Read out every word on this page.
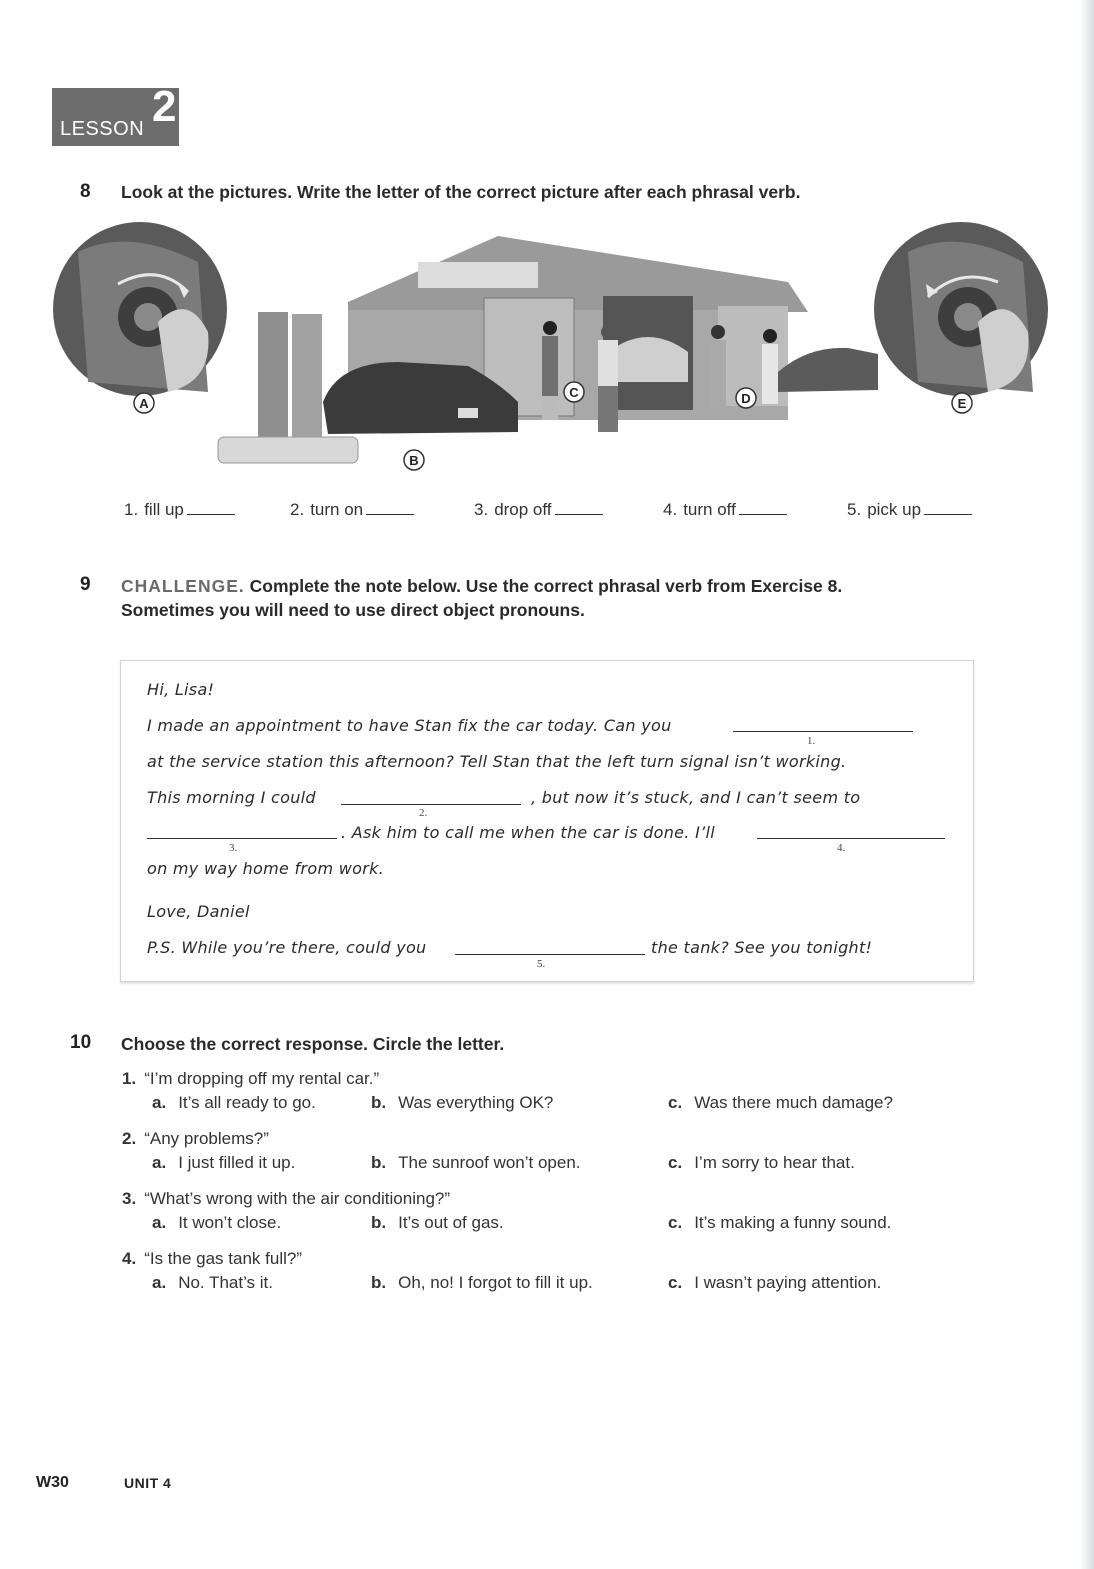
LESSON 2
8 Look at the pictures. Write the letter of the correct picture after each phrasal verb.
A
B
C	D	E
1. fill up	2. turn on	3. drop off	4. turn off	5. pick up
9 CHALLENGE. Complete the note below. Use the correct phrasal verb from Exercise 8.
Sometimes you will need to use direct object pronouns.
Hi, Lisa!
I made an appointment to have Stan fix the car today. Can you
1.
at the service station this afternoon? Tell Stan that the left turn signal isn’t working.
This morning I could
2.
, but now it’s stuck, and I can’t seem to
3.
. Ask him to call me when the car is done. I’ll
4.
on my way home from work.
Love, Daniel
P.S. While you’re there, could you
5.
the tank? See you tonight!
10 Choose the correct response. Circle the letter.
1. “I’m dropping off my rental car.”
a. It’s all ready to go.	b. Was everything OK?	c. Was there much damage?
2. “Any problems?”
a. I just filled it up.	b. The sunroof won’t open.	c. I’m sorry to hear that.
3. “What’s wrong with the air conditioning?”
a. It won’t close.	b. It’s out of gas.	c. It’s making a funny sound.
4. “Is the gas tank full?”
a. No. That’s it.	b. Oh, no! I forgot to fill it up.	c. I wasn’t paying attention.
W30	UNIT 4
